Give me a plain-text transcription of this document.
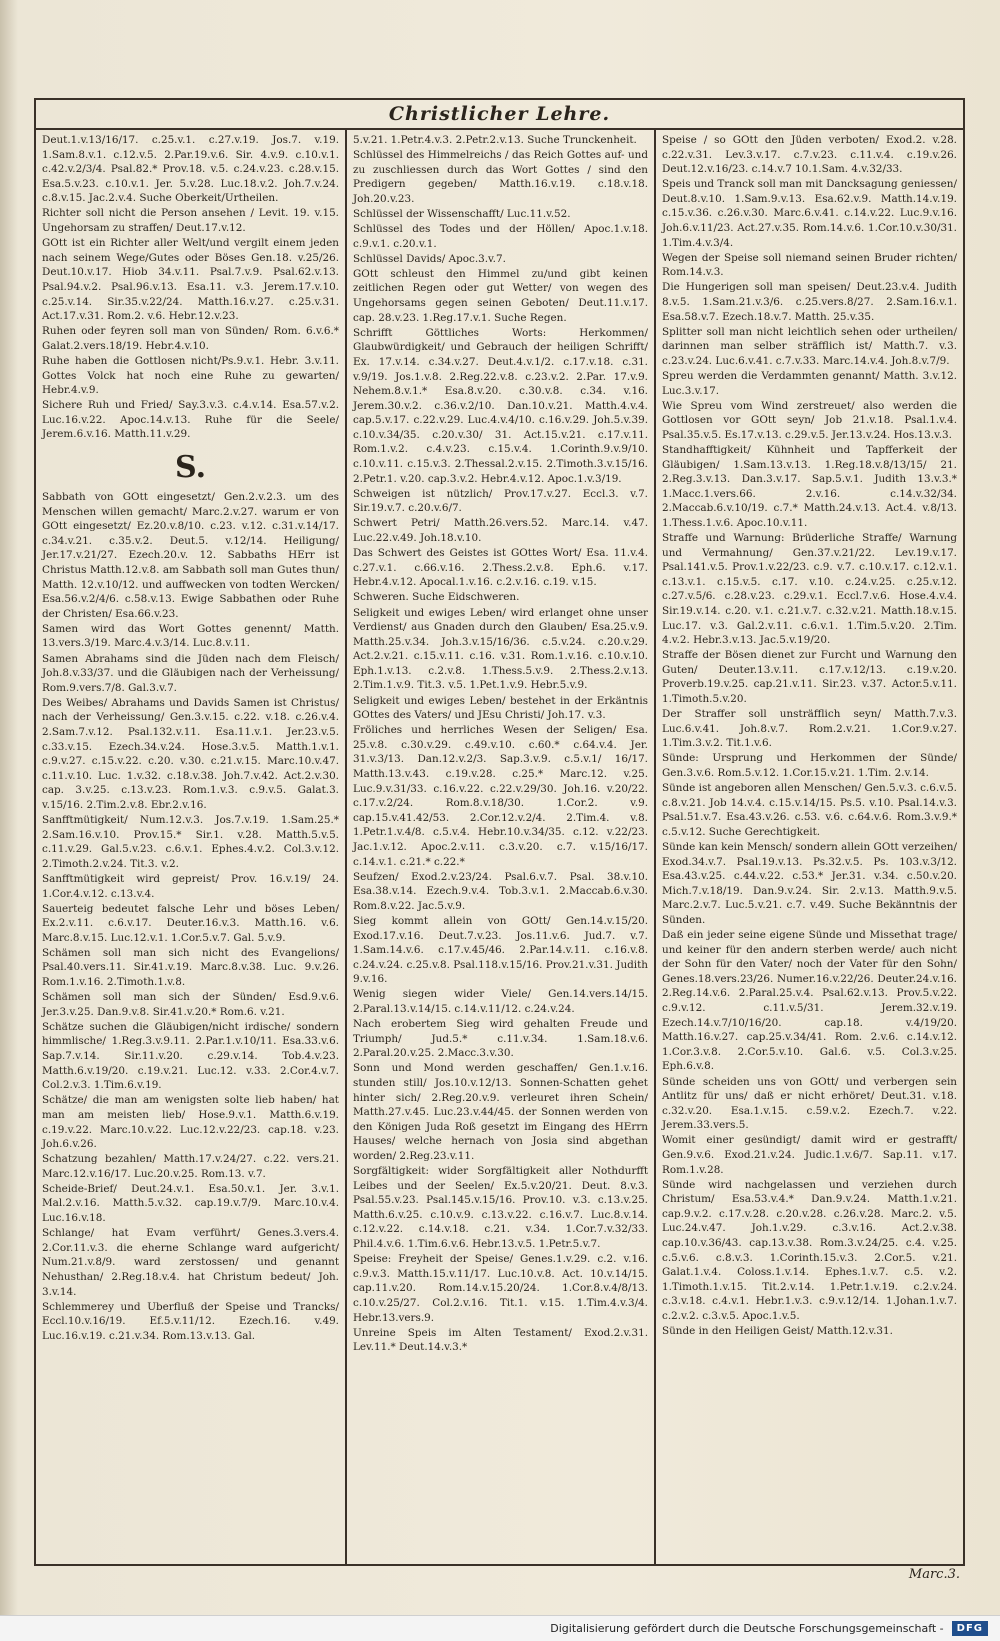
Christlicher Lehre.

Deut.1.v.13/16/17. c.25.v.1. c.27.v.19. Jos.7. v.19. 1.Sam.8.v.1. c.12.v.5. 2.Par.19.v.6. Sir. 4.v.9. c.10.v.1. c.42.v.2/3/4. Psal.82.* Prov.18. v.5. c.24.v.23. c.28.v.15. Esa.5.v.23. c.10.v.1. Jer. 5.v.28. Luc.18.v.2. Joh.7.v.24. c.8.v.15. Jac.2.v.4. Suche Oberkeit/Urtheilen.

Richter soll nicht die Person ansehen / Levit. 19. v.15. Ungehorsam zu straffen/ Deut.17.v.12.

GOtt ist ein Richter aller Welt/und vergilt einem jeden nach seinem Wege/Gutes oder Böses Gen.18. v.25/26. Deut.10.v.17. Hiob 34.v.11. Psal.7.v.9. Psal.62.v.13. Psal.94.v.2. Psal.96.v.13. Esa.11. v.3. Jerem.17.v.10. c.25.v.14. Sir.35.v.22/24. Matth.16.v.27. c.25.v.31. Act.17.v.31. Rom.2. v.6. Hebr.12.v.23.

Ruhen oder feyren soll man von Sünden/ Rom. 6.v.6.* Galat.2.vers.18/19. Hebr.4.v.10.

Ruhe haben die Gottlosen nicht/Ps.9.v.1. Hebr. 3.v.11. Gottes Volck hat noch eine Ruhe zu gewarten/ Hebr.4.v.9.

Sichere Ruh und Fried/ Say.3.v.3. c.4.v.14. Esa.57.v.2. Luc.16.v.22. Apoc.14.v.13. Ruhe für die Seele/ Jerem.6.v.16. Matth.11.v.29.

S.

Sabbath von GOtt eingesetzt/ Gen.2.v.2.3. um des Menschen willen gemacht/ Marc.2.v.27. warum er von GOtt eingesetzt/ Ez.20.v.8/10. c.23. v.12. c.31.v.14/17. c.34.v.21. c.35.v.2. Deut.5. v.12/14. Heiligung/ Jer.17.v.21/27. Ezech.20.v. 12. Sabbaths HErr ist Christus Matth.12.v.8. am Sabbath soll man Gutes thun/ Matth. 12.v.10/12. und auffwecken von todten Wercken/ Esa.56.v.2/4/6. c.58.v.13. Ewige Sabbathen oder Ruhe der Christen/ Esa.66.v.23.

Samen wird das Wort Gottes genennt/ Matth. 13.vers.3/19. Marc.4.v.3/14. Luc.8.v.11.

Samen Abrahams sind die Jüden nach dem Fleisch/ Joh.8.v.33/37. und die Gläubigen nach der Verheissung/ Rom.9.vers.7/8. Gal.3.v.7.

Des Weibes/ Abrahams und Davids Samen ist Christus/ nach der Verheissung/ Gen.3.v.15. c.22. v.18. c.26.v.4. 2.Sam.7.v.12. Psal.132.v.11. Esa.11.v.1. Jer.23.v.5. c.33.v.15. Ezech.34.v.24. Hose.3.v.5. Matth.1.v.1. c.9.v.27. c.15.v.22. c.20. v.30. c.21.v.15. Marc.10.v.47. c.11.v.10. Luc. 1.v.32. c.18.v.38. Joh.7.v.42. Act.2.v.30. cap. 3.v.25. c.13.v.23. Rom.1.v.3. c.9.v.5. Galat.3. v.15/16. 2.Tim.2.v.8. Ebr.2.v.16.

Sanfftmütigkeit/ Num.12.v.3. Jos.7.v.19. 1.Sam.25.* 2.Sam.16.v.10. Prov.15.* Sir.1. v.28. Matth.5.v.5. c.11.v.29. Gal.5.v.23. c.6.v.1. Ephes.4.v.2. Col.3.v.12. 2.Timoth.2.v.24. Tit.3. v.2.

Sanfftmütigkeit wird gepreist/ Prov. 16.v.19/ 24. 1.Cor.4.v.12. c.13.v.4.

Sauerteig bedeutet falsche Lehr und böses Leben/ Ex.2.v.11. c.6.v.17. Deuter.16.v.3. Matth.16. v.6. Marc.8.v.15. Luc.12.v.1. 1.Cor.5.v.7. Gal. 5.v.9.

Schämen soll man sich nicht des Evangelions/ Psal.40.vers.11. Sir.41.v.19. Marc.8.v.38. Luc. 9.v.26. Rom.1.v.16. 2.Timoth.1.v.8.

Schämen soll man sich der Sünden/ Esd.9.v.6. Jer.3.v.25. Dan.9.v.8. Sir.41.v.20.* Rom.6. v.21.

Schätze suchen die Gläubigen/nicht irdische/ sondern himmlische/ 1.Reg.3.v.9.11. 2.Par.1.v.10/11. Esa.33.v.6. Sap.7.v.14. Sir.11.v.20. c.29.v.14. Tob.4.v.23. Matth.6.v.19/20. c.19.v.21. Luc.12. v.33. 2.Cor.4.v.7. Col.2.v.3. 1.Tim.6.v.19.

Schätze/ die man am wenigsten solte lieb haben/ hat man am meisten lieb/ Hose.9.v.1. Matth.6.v.19. c.19.v.22. Marc.10.v.22. Luc.12.v.22/23. cap.18. v.23. Joh.6.v.26.

Schatzung bezahlen/ Matth.17.v.24/27. c.22. vers.21. Marc.12.v.16/17. Luc.20.v.25. Rom.13. v.7.

Scheide-Brief/ Deut.24.v.1. Esa.50.v.1. Jer. 3.v.1. Mal.2.v.16. Matth.5.v.32. cap.19.v.7/9. Marc.10.v.4. Luc.16.v.18.

Schlange/ hat Evam verführt/ Genes.3.vers.4. 2.Cor.11.v.3. die eherne Schlange ward aufgericht/ Num.21.v.8/9. ward zerstossen/ und genannt Nehusthan/ 2.Reg.18.v.4. hat Christum bedeut/ Joh. 3.v.14.

Schlemmerey und Uberfluß der Speise und Trancks/ Eccl.10.v.16/19. Ef.5.v.11/12. Ezech.16. v.49. Luc.16.v.19. c.21.v.34. Rom.13.v.13. Gal.

5.v.21. 1.Petr.4.v.3. 2.Petr.2.v.13. Suche Trunckenheit.

Schlüssel des Himmelreichs / das Reich Gottes auf- und zu zuschliessen durch das Wort Gottes / sind den Predigern gegeben/ Matth.16.v.19. c.18.v.18. Joh.20.v.23.

Schlüssel der Wissenschafft/ Luc.11.v.52.

Schlüssel des Todes und der Höllen/ Apoc.1.v.18. c.9.v.1. c.20.v.1.

Schlüssel Davids/ Apoc.3.v.7.

GOtt schleust den Himmel zu/und gibt keinen zeitlichen Regen oder gut Wetter/ von wegen des Ungehorsams gegen seinen Geboten/ Deut.11.v.17. cap. 28.v.23. 1.Reg.17.v.1. Suche Regen.

Schrifft Göttliches Worts: Herkommen/ Glaubwürdigkeit/ und Gebrauch der heiligen Schrifft/ Ex. 17.v.14. c.34.v.27. Deut.4.v.1/2. c.17.v.18. c.31. v.9/19. Jos.1.v.8. 2.Reg.22.v.8. c.23.v.2. 2.Par. 17.v.9. Nehem.8.v.1.* Esa.8.v.20. c.30.v.8. c.34. v.16. Jerem.30.v.2. c.36.v.2/10. Dan.10.v.21. Matth.4.v.4. cap.5.v.17. c.22.v.29. Luc.4.v.4/10. c.16.v.29. Joh.5.v.39. c.10.v.34/35. c.20.v.30/ 31. Act.15.v.21. c.17.v.11. Rom.1.v.2. c.4.v.23. c.15.v.4. 1.Corinth.9.v.9/10. c.10.v.11. c.15.v.3. 2.Thessal.2.v.15. 2.Timoth.3.v.15/16. 2.Petr.1. v.20. cap.3.v.2. Hebr.4.v.12. Apoc.1.v.3/19.

Schweigen ist nützlich/ Prov.17.v.27. Eccl.3. v.7. Sir.19.v.7. c.20.v.6/7.

Schwert Petri/ Matth.26.vers.52. Marc.14. v.47. Luc.22.v.49. Joh.18.v.10.

Das Schwert des Geistes ist GOttes Wort/ Esa. 11.v.4. c.27.v.1. c.66.v.16. 2.Thess.2.v.8. Eph.6. v.17. Hebr.4.v.12. Apocal.1.v.16. c.2.v.16. c.19. v.15.

Schweren. Suche Eidschweren.

Seligkeit und ewiges Leben/ wird erlanget ohne unser Verdienst/ aus Gnaden durch den Glauben/ Esa.25.v.9. Matth.25.v.34. Joh.3.v.15/16/36. c.5.v.24. c.20.v.29. Act.2.v.21. c.15.v.11. c.16. v.31. Rom.1.v.16. c.10.v.10. Eph.1.v.13. c.2.v.8. 1.Thess.5.v.9. 2.Thess.2.v.13. 2.Tim.1.v.9. Tit.3. v.5. 1.Pet.1.v.9. Hebr.5.v.9.

Seligkeit und ewiges Leben/ bestehet in der Erkäntnis GOttes des Vaters/ und JEsu Christi/ Joh.17. v.3.

Fröliches und herrliches Wesen der Seligen/ Esa. 25.v.8. c.30.v.29. c.49.v.10. c.60.* c.64.v.4. Jer. 31.v.3/13. Dan.12.v.2/3. Sap.3.v.9. c.5.v.1/ 16/17. Matth.13.v.43. c.19.v.28. c.25.* Marc.12. v.25. Luc.9.v.31/33. c.16.v.22. c.22.v.29/30. Joh.16. v.20/22. c.17.v.2/24. Rom.8.v.18/30. 1.Cor.2. v.9. cap.15.v.41.42/53. 2.Cor.12.v.2/4. 2.Tim.4. v.8. 1.Petr.1.v.4/8. c.5.v.4. Hebr.10.v.34/35. c.12. v.22/23. Jac.1.v.12. Apoc.2.v.11. c.3.v.20. c.7. v.15/16/17. c.14.v.1. c.21.* c.22.*

Seufzen/ Exod.2.v.23/24. Psal.6.v.7. Psal. 38.v.10. Esa.38.v.14. Ezech.9.v.4. Tob.3.v.1. 2.Maccab.6.v.30. Rom.8.v.22. Jac.5.v.9.

Sieg kommt allein von GOtt/ Gen.14.v.15/20. Exod.17.v.16. Deut.7.v.23. Jos.11.v.6. Jud.7. v.7. 1.Sam.14.v.6. c.17.v.45/46. 2.Par.14.v.11. c.16.v.8. c.24.v.24. c.25.v.8. Psal.118.v.15/16. Prov.21.v.31. Judith 9.v.16.

Wenig siegen wider Viele/ Gen.14.vers.14/15. 2.Paral.13.v.14/15. c.14.v.11/12. c.24.v.24.

Nach erobertem Sieg wird gehalten Freude und Triumph/ Jud.5.* c.11.v.34. 1.Sam.18.v.6. 2.Paral.20.v.25. 2.Macc.3.v.30.

Sonn und Mond werden geschaffen/ Gen.1.v.16. stunden still/ Jos.10.v.12/13. Sonnen-Schatten gehet hinter sich/ 2.Reg.20.v.9. verleuret ihren Schein/ Matth.27.v.45. Luc.23.v.44/45. der Sonnen werden von den Königen Juda Roß gesetzt im Eingang des HErrn Hauses/ welche hernach von Josia sind abgethan worden/ 2.Reg.23.v.11.

Sorgfältigkeit: wider Sorgfältigkeit aller Nothdurfft Leibes und der Seelen/ Ex.5.v.20/21. Deut. 8.v.3. Psal.55.v.23. Psal.145.v.15/16. Prov.10. v.3. c.13.v.25. Matth.6.v.25. c.10.v.9. c.13.v.22. c.16.v.7. Luc.8.v.14. c.12.v.22. c.14.v.18. c.21. v.34. 1.Cor.7.v.32/33. Phil.4.v.6. 1.Tim.6.v.6. Hebr.13.v.5. 1.Petr.5.v.7.

Speise: Freyheit der Speise/ Genes.1.v.29. c.2. v.16. c.9.v.3. Matth.15.v.11/17. Luc.10.v.8. Act. 10.v.14/15. cap.11.v.20. Rom.14.v.15.20/24. 1.Cor.8.v.4/8/13. c.10.v.25/27. Col.2.v.16. Tit.1. v.15. 1.Tim.4.v.3/4. Hebr.13.vers.9.

Unreine Speis im Alten Testament/ Exod.2.v.31. Lev.11.* Deut.14.v.3.*

Speise / so GOtt den Jüden verboten/ Exod.2. v.28. c.22.v.31. Lev.3.v.17. c.7.v.23. c.11.v.4. c.19.v.26. Deut.12.v.16/23. c.14.v.7 10.1.Sam. 4.v.32/33.

Speis und Tranck soll man mit Dancksagung geniessen/ Deut.8.v.10. 1.Sam.9.v.13. Esa.62.v.9. Matth.14.v.19. c.15.v.36. c.26.v.30. Marc.6.v.41. c.14.v.22. Luc.9.v.16. Joh.6.v.11/23. Act.27.v.35. Rom.14.v.6. 1.Cor.10.v.30/31. 1.Tim.4.v.3/4.

Wegen der Speise soll niemand seinen Bruder richten/ Rom.14.v.3.

Die Hungerigen soll man speisen/ Deut.23.v.4. Judith 8.v.5. 1.Sam.21.v.3/6. c.25.vers.8/27. 2.Sam.16.v.1. Esa.58.v.7. Ezech.18.v.7. Matth. 25.v.35.

Splitter soll man nicht leichtlich sehen oder urtheilen/ darinnen man selber sträfflich ist/ Matth.7. v.3. c.23.v.24. Luc.6.v.41. c.7.v.33. Marc.14.v.4. Joh.8.v.7/9.

Spreu werden die Verdammten genannt/ Matth. 3.v.12. Luc.3.v.17.

Wie Spreu vom Wind zerstreuet/ also werden die Gottlosen vor GOtt seyn/ Job 21.v.18. Psal.1.v.4. Psal.35.v.5. Es.17.v.13. c.29.v.5. Jer.13.v.24. Hos.13.v.3.

Standhafftigkeit/ Kühnheit und Tapfferkeit der Gläubigen/ 1.Sam.13.v.13. 1.Reg.18.v.8/13/15/ 21. 2.Reg.3.v.13. Dan.3.v.17. Sap.5.v.1. Judith 13.v.3.* 1.Macc.1.vers.66. 2.v.16. c.14.v.32/34. 2.Maccab.6.v.10/19. c.7.* Matth.24.v.13. Act.4. v.8/13. 1.Thess.1.v.6. Apoc.10.v.11.

Straffe und Warnung: Brüderliche Straffe/ Warnung und Vermahnung/ Gen.37.v.21/22. Lev.19.v.17. Psal.141.v.5. Prov.1.v.22/23. c.9. v.7. c.10.v.17. c.12.v.1. c.13.v.1. c.15.v.5. c.17. v.10. c.24.v.25. c.25.v.12. c.27.v.5/6. c.28.v.23. c.29.v.1. Eccl.7.v.6. Hose.4.v.4. Sir.19.v.14. c.20. v.1. c.21.v.7. c.32.v.21. Matth.18.v.15. Luc.17. v.3. Gal.2.v.11. c.6.v.1. 1.Tim.5.v.20. 2.Tim. 4.v.2. Hebr.3.v.13. Jac.5.v.19/20.

Straffe der Bösen dienet zur Furcht und Warnung den Guten/ Deuter.13.v.11. c.17.v.12/13. c.19.v.20. Proverb.19.v.25. cap.21.v.11. Sir.23. v.37. Actor.5.v.11. 1.Timoth.5.v.20.

Der Straffer soll unsträfflich seyn/ Matth.7.v.3. Luc.6.v.41. Joh.8.v.7. Rom.2.v.21. 1.Cor.9.v.27. 1.Tim.3.v.2. Tit.1.v.6.

Sünde: Ursprung und Herkommen der Sünde/ Gen.3.v.6. Rom.5.v.12. 1.Cor.15.v.21. 1.Tim. 2.v.14.

Sünde ist angeboren allen Menschen/ Gen.5.v.3. c.6.v.5. c.8.v.21. Job 14.v.4. c.15.v.14/15. Ps.5. v.10. Psal.14.v.3. Psal.51.v.7. Esa.43.v.26. c.53. v.6. c.64.v.6. Rom.3.v.9.* c.5.v.12. Suche Gerechtigkeit.

Sünde kan kein Mensch/ sondern allein GOtt verzeihen/ Exod.34.v.7. Psal.19.v.13. Ps.32.v.5. Ps. 103.v.3/12. Esa.43.v.25. c.44.v.22. c.53.* Jer.31. v.34. c.50.v.20. Mich.7.v.18/19. Dan.9.v.24. Sir. 2.v.13. Matth.9.v.5. Marc.2.v.7. Luc.5.v.21. c.7. v.49. Suche Bekänntnis der Sünden.

Daß ein jeder seine eigene Sünde und Missethat trage/ und keiner für den andern sterben werde/ auch nicht der Sohn für den Vater/ noch der Vater für den Sohn/ Genes.18.vers.23/26. Numer.16.v.22/26. Deuter.24.v.16. 2.Reg.14.v.6. 2.Paral.25.v.4. Psal.62.v.13. Prov.5.v.22. c.9.v.12. c.11.v.5/31. Jerem.32.v.19. Ezech.14.v.7/10/16/20. cap.18. v.4/19/20. Matth.16.v.27. cap.25.v.34/41. Rom. 2.v.6. c.14.v.12. 1.Cor.3.v.8. 2.Cor.5.v.10. Gal.6. v.5. Col.3.v.25. Eph.6.v.8.

Sünde scheiden uns von GOtt/ und verbergen sein Antlitz für uns/ daß er nicht erhöret/ Deut.31. v.18. c.32.v.20. Esa.1.v.15. c.59.v.2. Ezech.7. v.22. Jerem.33.vers.5.

Womit einer gesündigt/ damit wird er gestrafft/ Gen.9.v.6. Exod.21.v.24. Judic.1.v.6/7. Sap.11. v.17. Rom.1.v.28.

Sünde wird nachgelassen und verziehen durch Christum/ Esa.53.v.4.* Dan.9.v.24. Matth.1.v.21. cap.9.v.2. c.17.v.28. c.20.v.28. c.26.v.28. Marc.2. v.5. Luc.24.v.47. Joh.1.v.29. c.3.v.16. Act.2.v.38. cap.10.v.36/43. cap.13.v.38. Rom.3.v.24/25. c.4. v.25. c.5.v.6. c.8.v.3. 1.Corinth.15.v.3. 2.Cor.5. v.21. Galat.1.v.4. Coloss.1.v.14. Ephes.1.v.7. c.5. v.2. 1.Timoth.1.v.15. Tit.2.v.14. 1.Petr.1.v.19. c.2.v.24. c.3.v.18. c.4.v.1. Hebr.1.v.3. c.9.v.12/14. 1.Johan.1.v.7. c.2.v.2. c.3.v.5. Apoc.1.v.5.

Sünde in den Heiligen Geist/ Matth.12.v.31.

Marc.3.
Digitalisierung gefördert durch die Deutsche Forschungsgemeinschaft -	DFG
